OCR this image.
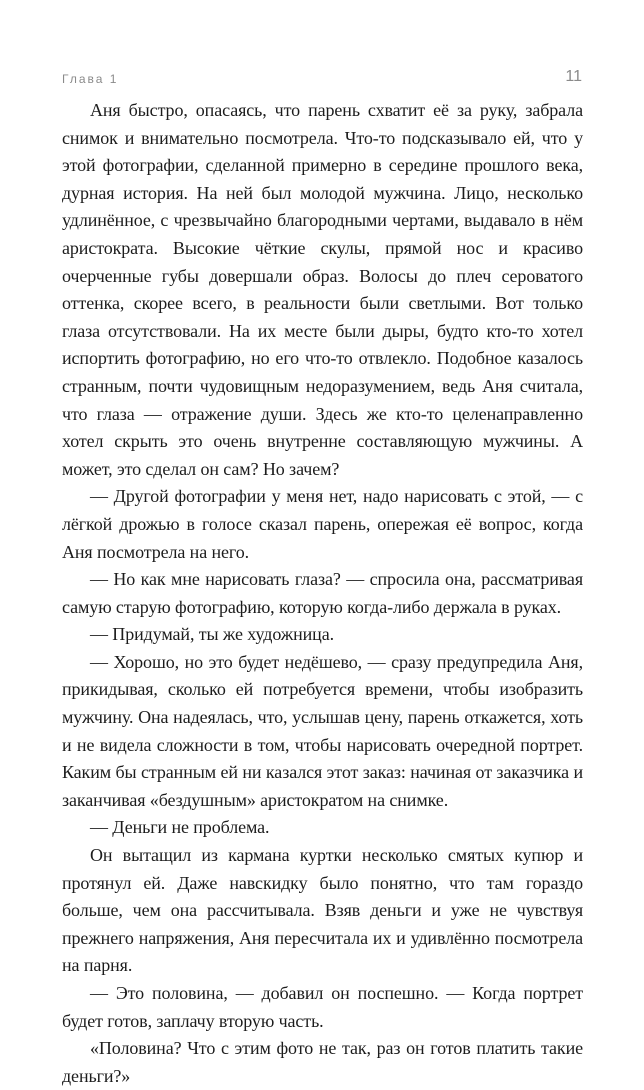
Глава 1	11

Аня быстро, опасаясь, что парень схватит её за руку, забрала снимок и внимательно посмотрела. Что-то подсказывало ей, что у этой фотографии, сделанной примерно в середине прошлого века, дурная история. На ней был молодой мужчина. Лицо, несколько удлинённое, с чрезвычайно благородными чертами, выдавало в нём аристократа. Высокие чёткие скулы, прямой нос и красиво очерченные губы довершали образ. Волосы до плеч сероватого оттенка, скорее всего, в реальности были светлыми. Вот только глаза отсутствовали. На их месте были дыры, будто кто-то хотел испортить фотографию, но его что-то отвлекло. Подобное казалось странным, почти чудовищным недоразумением, ведь Аня считала, что глаза — отражение души. Здесь же кто-то целенаправленно хотел скрыть это очень внутренне составляющую мужчины. А может, это сделал он сам? Но зачем?

— Другой фотографии у меня нет, надо нарисовать с этой, — с лёгкой дрожью в голосе сказал парень, опережая её вопрос, когда Аня посмотрела на него.

— Но как мне нарисовать глаза? — спросила она, рассматривая самую старую фотографию, которую когда-либо держала в руках.

— Придумай, ты же художница.

— Хорошо, но это будет недёшево, — сразу предупредила Аня, прикидывая, сколько ей потребуется времени, чтобы изобразить мужчину. Она надеялась, что, услышав цену, парень откажется, хоть и не видела сложности в том, чтобы нарисовать очередной портрет. Каким бы странным ей ни казался этот заказ: начиная от заказчика и заканчивая «бездушным» аристократом на снимке.

— Деньги не проблема.

Он вытащил из кармана куртки несколько смятых купюр и протянул ей. Даже навскидку было понятно, что там гораздо больше, чем она рассчитывала. Взяв деньги и уже не чувствуя прежнего напряжения, Аня пересчитала их и удивлённо посмотрела на парня.

— Это половина, — добавил он поспешно. — Когда портрет будет готов, заплачу вторую часть.

«Половина? Что с этим фото не так, раз он готов платить такие деньги?»
